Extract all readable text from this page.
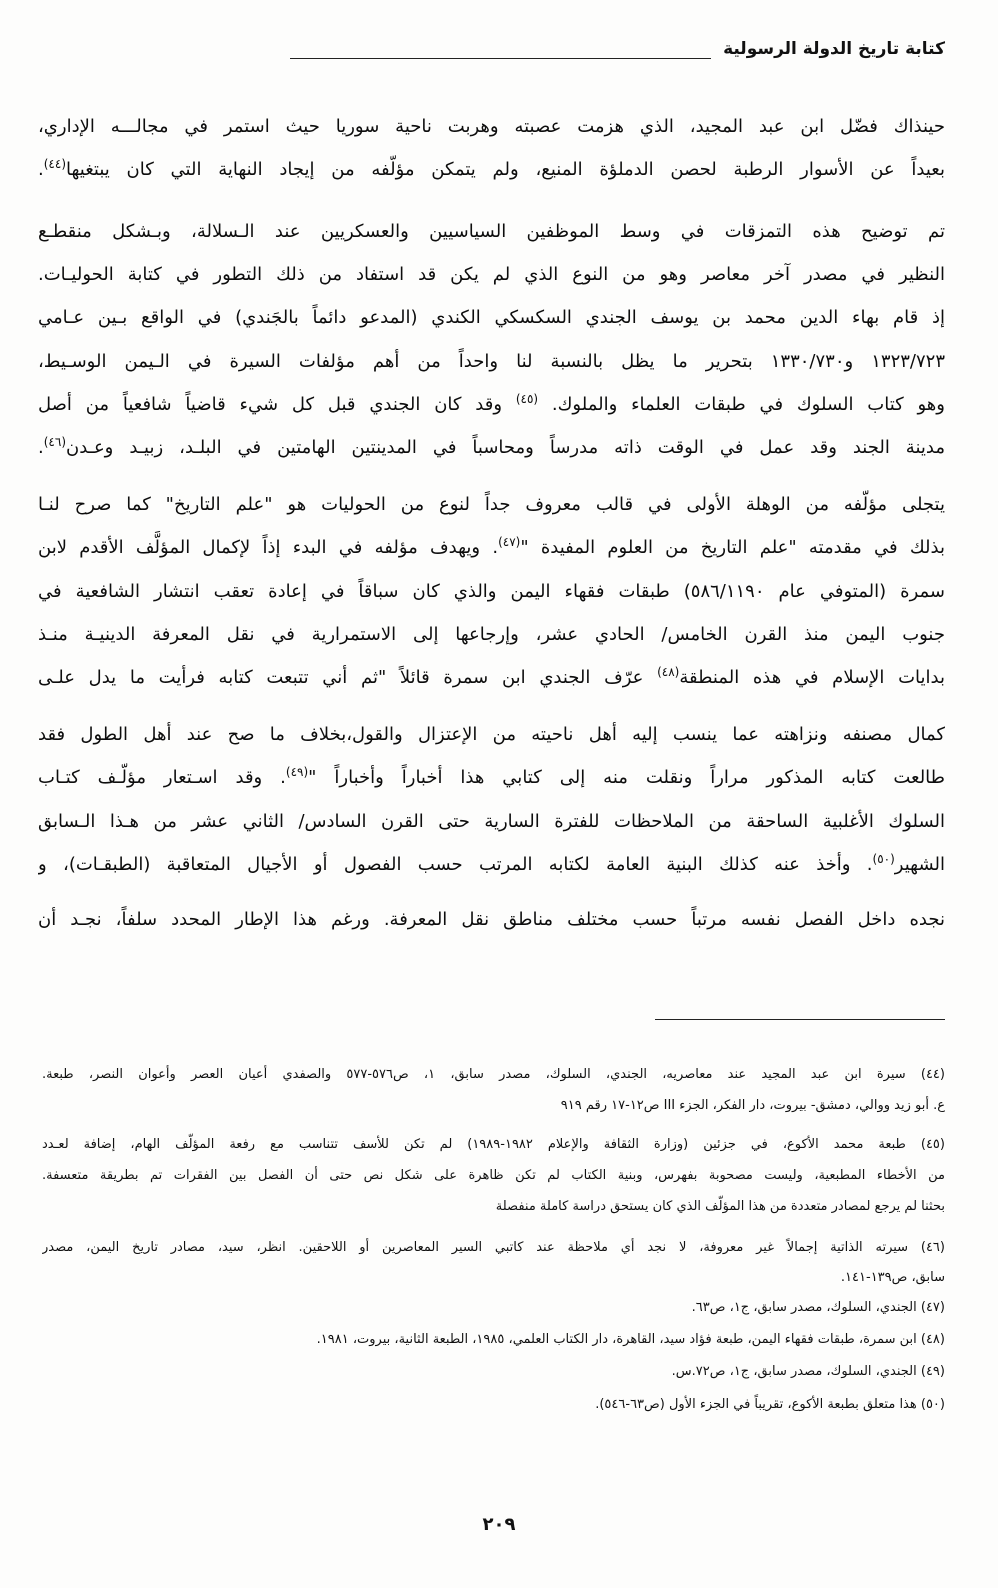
كتابة تاريخ الدولة الرسولية
حينذاك فضّل ابن عبد المجيد، الذي هزمت عصبته وهربت ناحية سوريا حيث استمر في مجالـــه الإداري،
بعيداً عن الأسوار الرطبة لحصن الدملؤة المنيع، ولم يتمكن مؤلّفه من إيجاد النهاية التي كان يبتغيها$^{(٤٤)}$.
تم توضيح هذه التمزقات في وسط الموظفين السياسيين والعسكريين عند الـسلالة، وبـشكل منقطـع
النظير في مصدر آخر معاصر وهو من النوع الذي لم يكن قد استفاد من ذلك التطور في كتابة الحوليـات.
إذ قام بهاء الدين محمد بن يوسف الجندي السكسكي الكندي (المدعو دائماً بالجَندي) في الواقع بـين عـامي
١٣٢٣/٧٢٣ و١٣٣٠/٧٣٠ بتحرير ما يظل بالنسبة لنا واحداً من أهم مؤلفات السيرة في الـيمن الوسـيط،
وهو كتاب السلوك في طبقات العلماء والملوك. $^{(٤٥)}$ وقد كان الجندي قبل كل شيء قاضياً شافعياً من أصل
مدينة الجند وقد عمل في الوقت ذاته مدرساً ومحاسباً في المدينتين الهامتين في البلـد، زبيـد وعـدن$^{(٤٦)}$.
يتجلى مؤلّفه من الوهلة الأولى في قالب معروف جداً لنوع من الحوليات هو "علم التاريخ" كما صرح لنـا
بذلك في مقدمته "علم التاريخ من العلوم المفيدة "$^{(٤٧)}$. ويهدف مؤلفه في البدء إذاً لإكمال المؤلَّف الأقدم لابن
سمرة (المتوفي عام ٥٨٦/١١٩٠) طبقات فقهاء اليمن والذي كان سباقاً في إعادة تعقب انتشار الشافعية في
جنوب اليمن منذ القرن الخامس/ الحادي عشر، وإرجاعها إلى الاستمرارية في نقل المعرفة الدينيـة منـذ
بدايات الإسلام في هذه المنطقة$^{(٤٨)}$ عرّف الجندي ابن سمرة قائلاً "ثم أني تتبعت كتابه فرأيت ما يدل علـى
كمال مصنفه ونزاهته عما ينسب إليه أهل ناحيته من الإعتزال والقول،بخلاف ما صح عند أهل الطول فقد
طالعت كتابه المذكور مراراً ونقلت منه إلى كتابي هذا أخباراً وأخباراً "$^{(٤٩)}$. وقد اسـتعار مؤلّـف كتـاب
السلوك الأغلبية الساحقة من الملاحظات للفترة السارية حتى القرن السادس/ الثاني عشر من هـذا الـسابق
الشهير$^{(٥٠)}$. وأخذ عنه كذلك البنية العامة لكتابه المرتب حسب الفصول أو الأجيال المتعاقبة (الطبقـات)، و
نجده داخل الفصل نفسه مرتباً حسب مختلف مناطق نقل المعرفة. ورغم هذا الإطار المحدد سلفاً، نجـد أن
(٤٤) سيرة ابن عبد المجيد عند معاصريه، الجندي، السلوك، مصدر سابق، ١، ص٥٧٦-٥٧٧ والصفدي أعيان العصر وأعوان النصر، طبعة.
ع. أبو زيد ووالي، دمشق- بيروت، دار الفكر، الجزء III ص١٢-١٧ رقم ٩١٩
(٤٥) طبعة محمد الأكوع، في جزئين (وزارة الثقافة والإعلام ١٩٨٢-١٩٨٩) لم تكن للأسف تتناسب مع رفعة المؤلّف الهام، إضافة لعـدد
من الأخطاء المطبعية، وليست مصحوبة بفهرس، وبنية الكتاب لم تكن ظاهرة على شكل نص حتى أن الفصل بين الفقرات تم بطريقة متعسفة.
بحثنا لم يرجع لمصادر متعددة من هذا المؤلّف الذي كان يستحق دراسة كاملة منفصلة
(٤٦) سيرته الذاتية إجمالاً غير معروفة، لا نجد أي ملاحظة عند كاتبي السير المعاصرين أو اللاحقين. انظر، سيد، مصادر تاريخ اليمن، مصدر
سابق، ص١٣٩-١٤١.
(٤٧) الجندي، السلوك، مصدر سابق، ج١، ص٦٣.
(٤٨) ابن سمرة، طبقات فقهاء اليمن، طبعة فؤاد سيد، القاهرة، دار الكتاب العلمي، ١٩٨٥، الطبعة الثانية، بيروت، ١٩٨١.
(٤٩) الجندي، السلوك، مصدر سابق، ج١، ص٧٢.س.
(٥٠) هذا متعلق بطبعة الأكوع، تقريباً في الجزء الأول (ص٦٣-٥٤٦).
٢٠٩
